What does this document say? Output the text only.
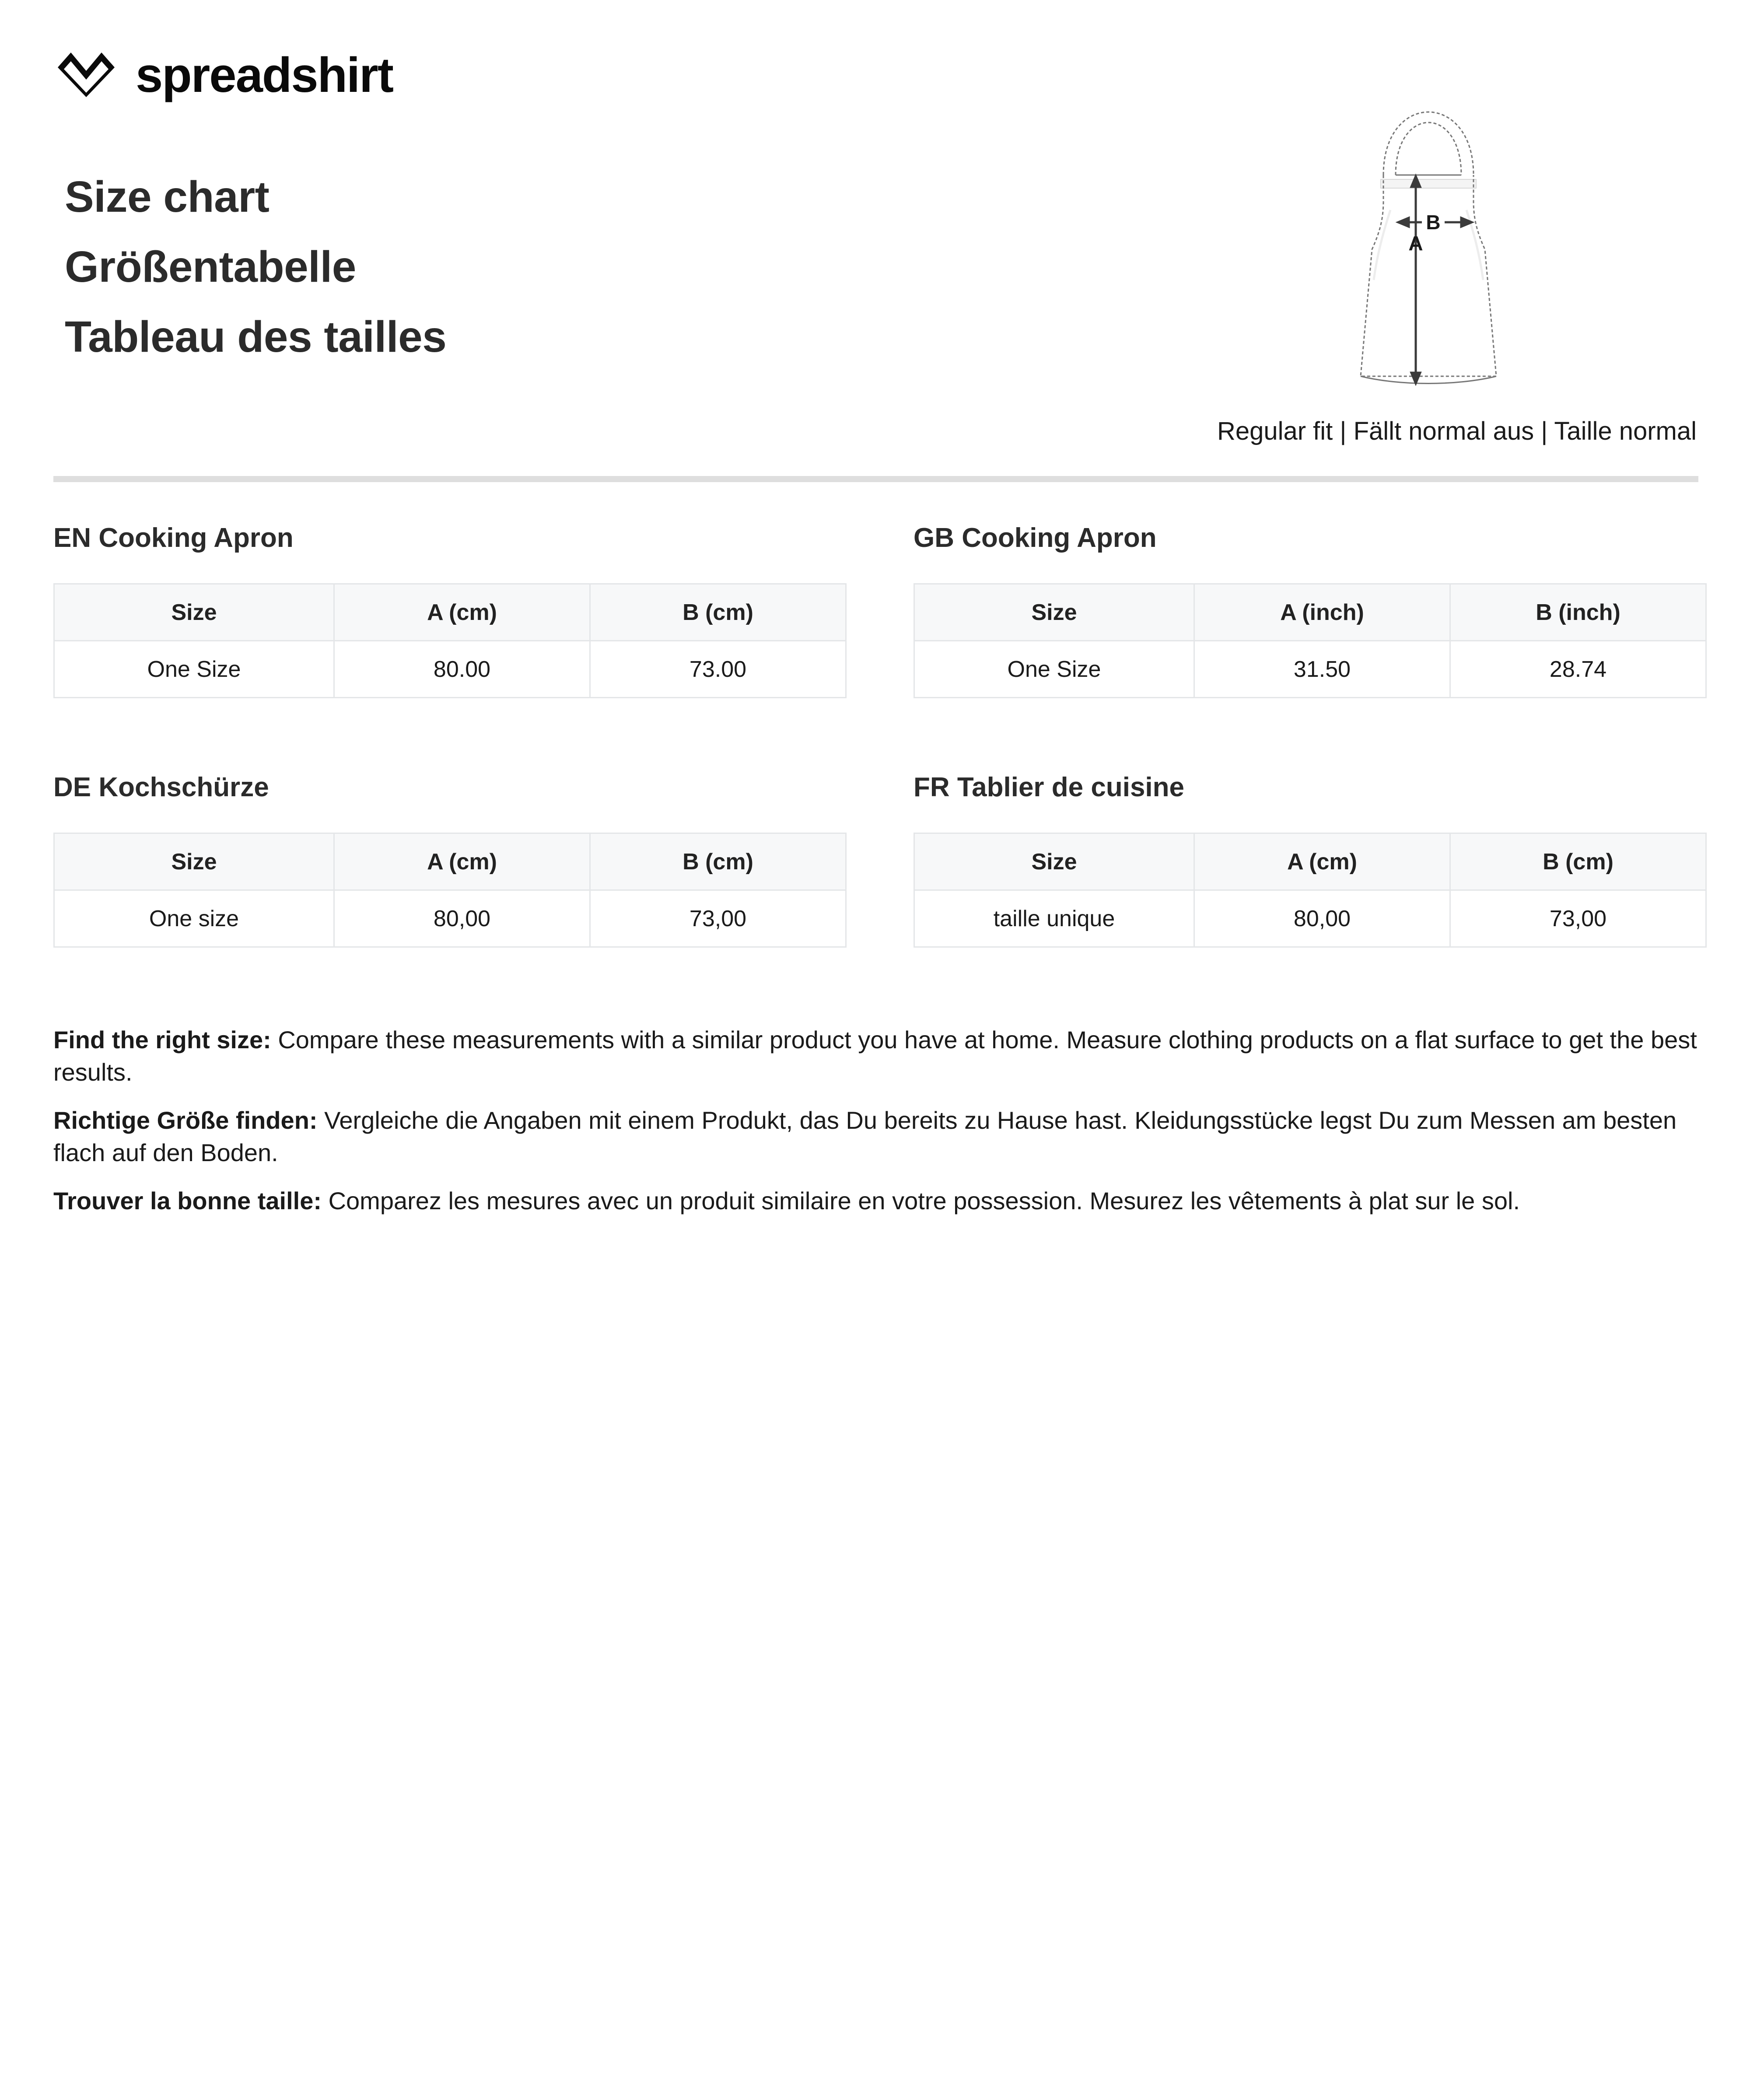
spreadshirt
Size chart
Größentabelle
Tableau des tailles
B
A
Regular fit | Fällt normal aus | Taille normal
EN Cooking Apron
Size	A (cm)	B (cm)
One Size	80.00	73.00
GB Cooking Apron
Size	A (inch)	B (inch)
One Size	31.50	28.74
DE Kochschürze
Size	A (cm)	B (cm)
One size	80,00	73,00
FR Tablier de cuisine
Size	A (cm)	B (cm)
taille unique	80,00	73,00

Find the right size: Compare these measurements with a similar product you have at home. Measure clothing products on a flat surface to get the best results.

Richtige Größe finden: Vergleiche die Angaben mit einem Produkt, das Du bereits zu Hause hast. Kleidungsstücke legst Du zum Messen am besten flach auf den Boden.

Trouver la bonne taille: Comparez les mesures avec un produit similaire en votre possession. Mesurez les vêtements à plat sur le sol.
